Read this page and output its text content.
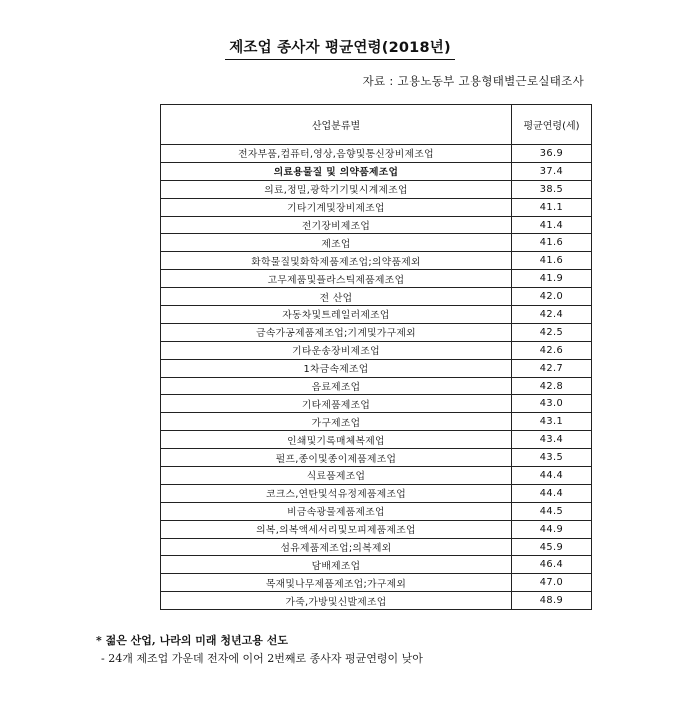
제조업 종사자 평균연령(2018년)
자료 : 고용노동부 고용형태별근로실태조사
산업분류별	평균연령(세)
전자부품,컴퓨터,영상,음향및통신장비제조업	36.9
의료용물질 및 의약품제조업	37.4
의료,정밀,광학기기및시계제조업	38.5
기타기계및장비제조업	41.1
전기장비제조업	41.4
제조업	41.6
화학물질및화학제품제조업;의약품제외	41.6
고무제품및플라스틱제품제조업	41.9
전 산업	42.0
자동차및트레일러제조업	42.4
금속가공제품제조업;기계및가구제외	42.5
기타운송장비제조업	42.6
1차금속제조업	42.7
음료제조업	42.8
기타제품제조업	43.0
가구제조업	43.1
인쇄및기록매체복제업	43.4
펄프,종이및종이제품제조업	43.5
식료품제조업	44.4
코크스,연탄및석유정제품제조업	44.4
비금속광물제품제조업	44.5
의복,의복액세서리및모피제품제조업	44.9
섬유제품제조업;의복제외	45.9
담배제조업	46.4
목재및나무제품제조업;가구제외	47.0
가죽,가방및신발제조업	48.9
* 젊은 산업, 나라의 미래 청년고용 선도
- 24개 제조업 가운데 전자에 이어 2번째로 종사자 평균연령이 낮아
